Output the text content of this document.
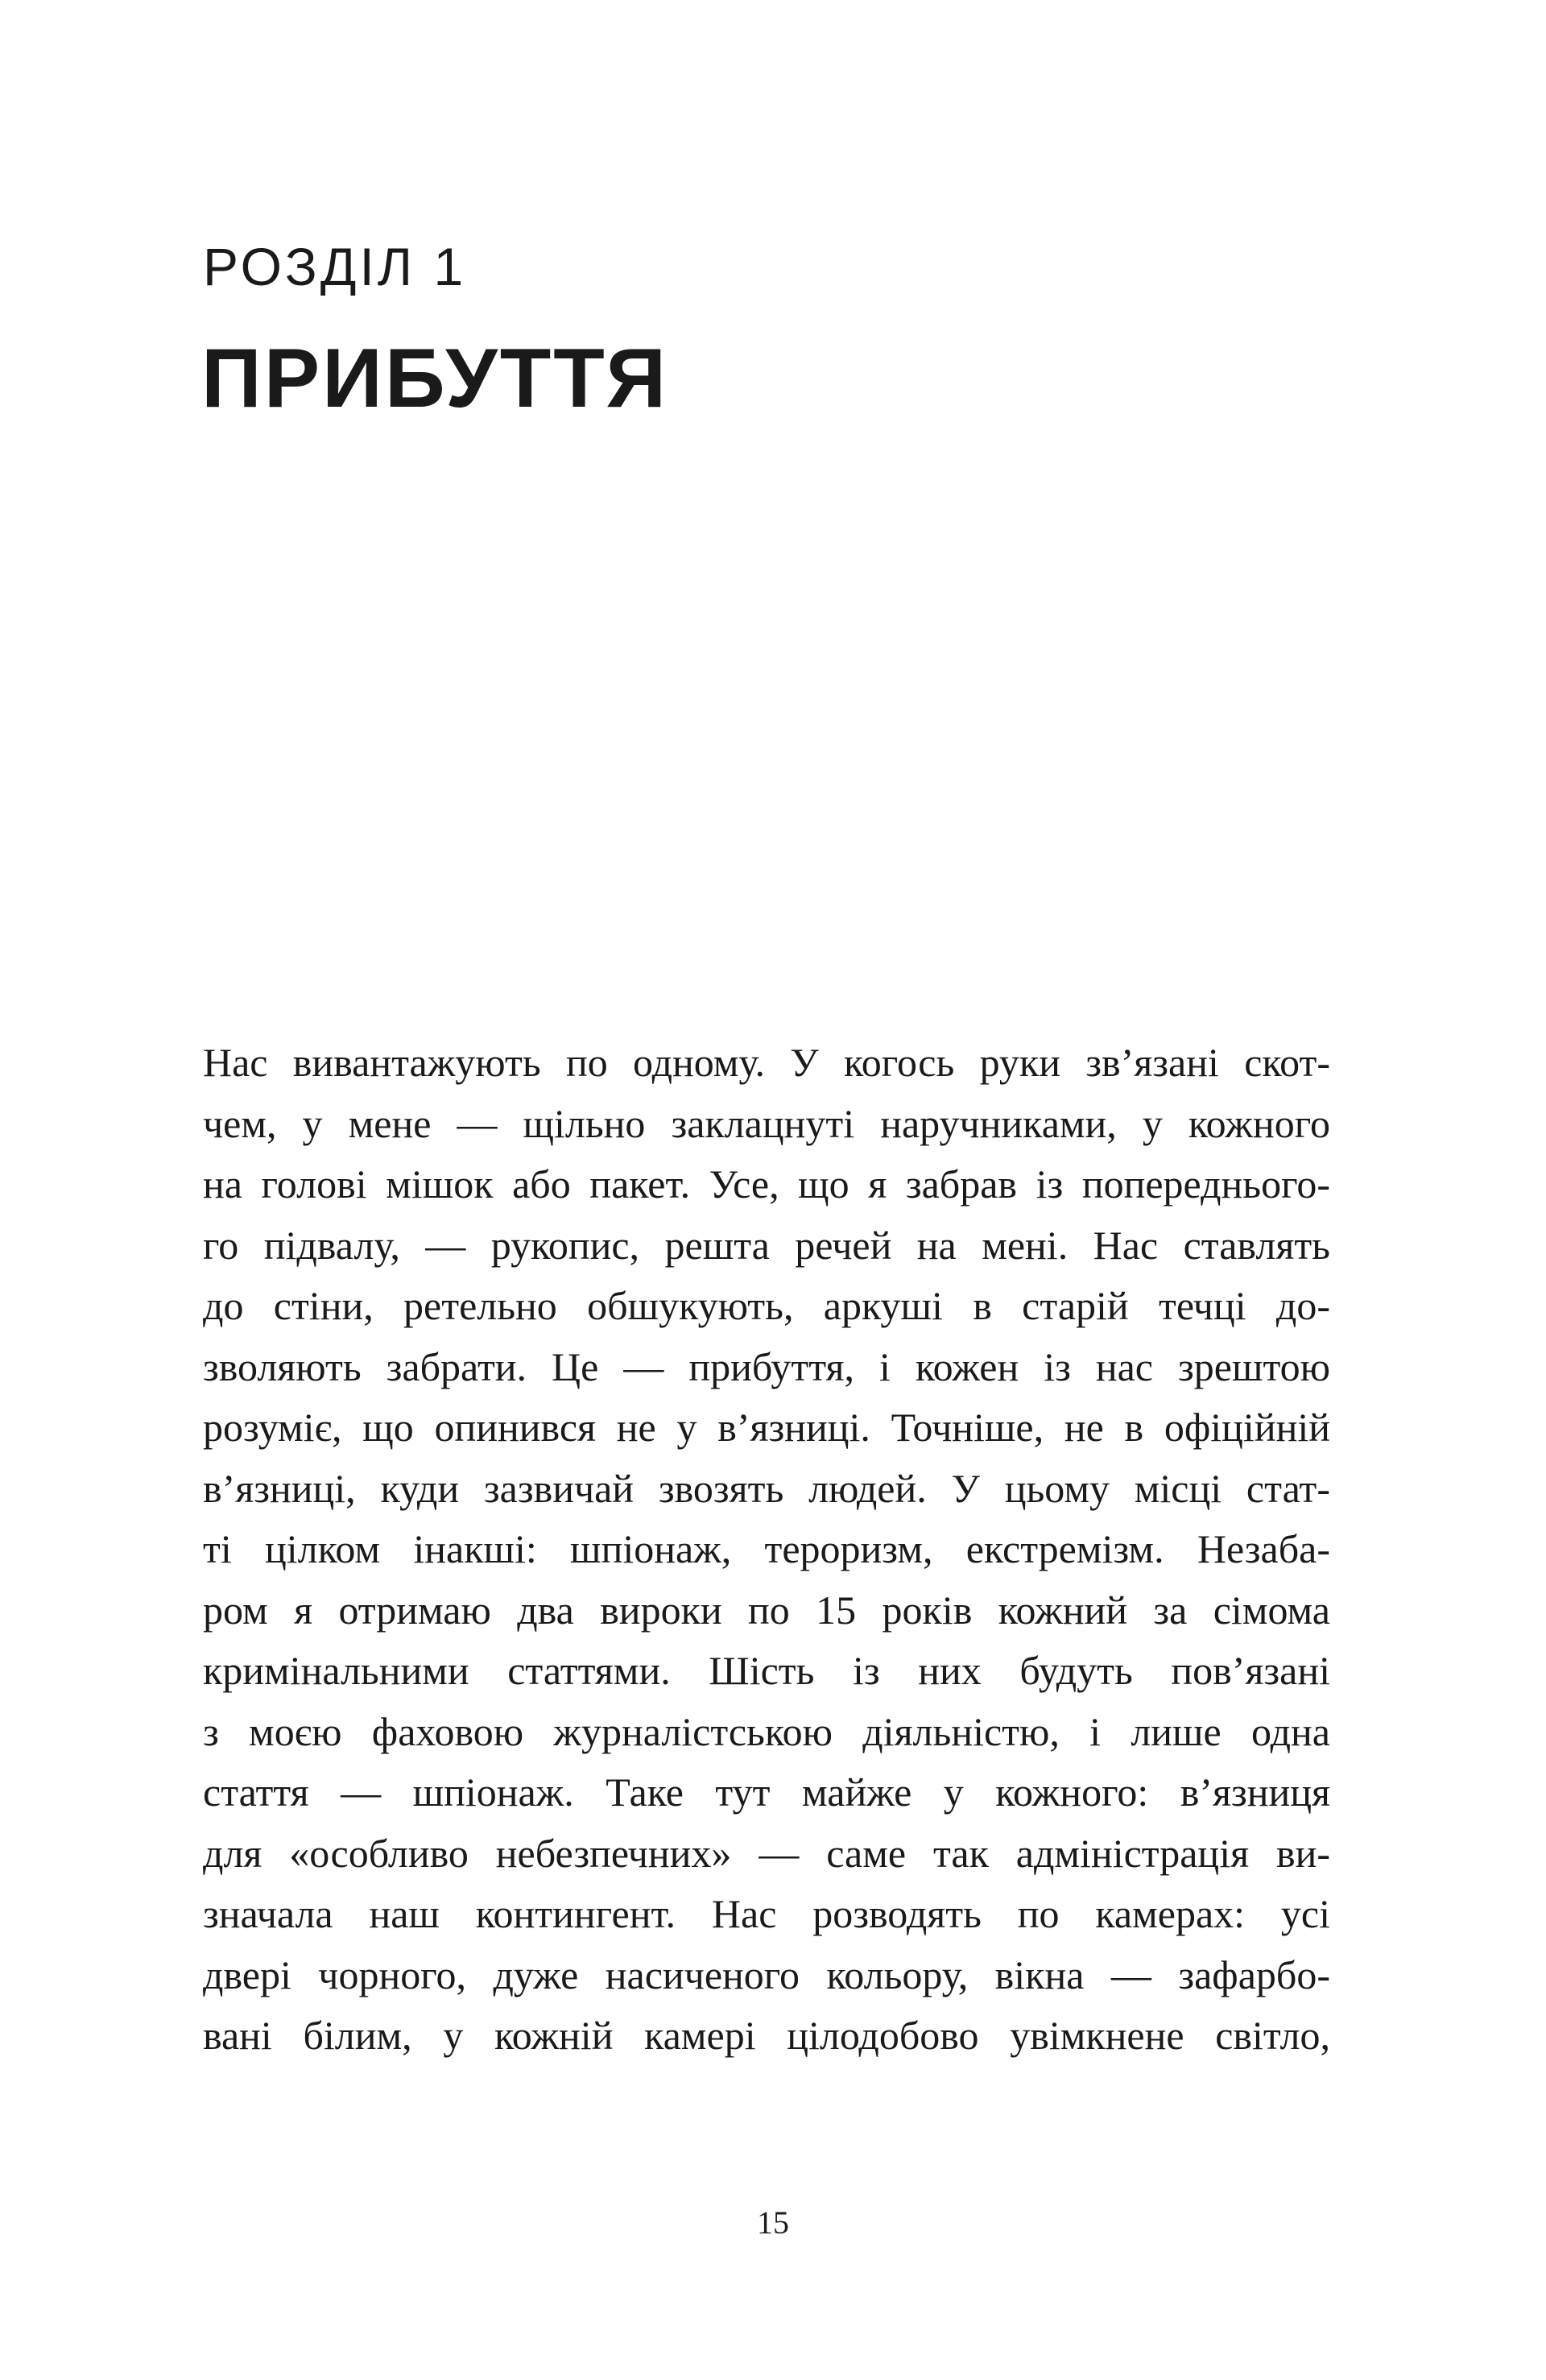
РОЗДІЛ 1
ПРИБУТТЯ
Нас вивантажують по одному. У когось руки зв’язані скот-
чем, у мене — щільно заклацнуті наручниками, у кожного
на голові мішок або пакет. Усе, що я забрав із попереднього-
го підвалу, — рукопис, решта речей на мені. Нас ставлять
до стіни, ретельно обшукують, аркуші в старій течці до-
зволяють забрати. Це — прибуття, і кожен із нас зрештою
розуміє, що опинився не у в’язниці. Точніше, не в офіційній
в’язниці, куди зазвичай звозять людей. У цьому місці стат-
ті цілком інакші: шпіонаж, тероризм, екстремізм. Незаба-
ром я отримаю два вироки по 15 років кожний за сімома
кримінальними статтями. Шість із них будуть пов’язані
з моєю фаховою журналістською діяльністю, і лише одна
стаття — шпіонаж. Таке тут майже у кожного: в’язниця
для «особливо небезпечних» — саме так адміністрація ви-
значала наш контингент. Нас розводять по камерах: усі
двері чорного, дуже насиченого кольору, вікна — зафарбо-
вані білим, у кожній камері цілодобово увімкнене світло,
15
